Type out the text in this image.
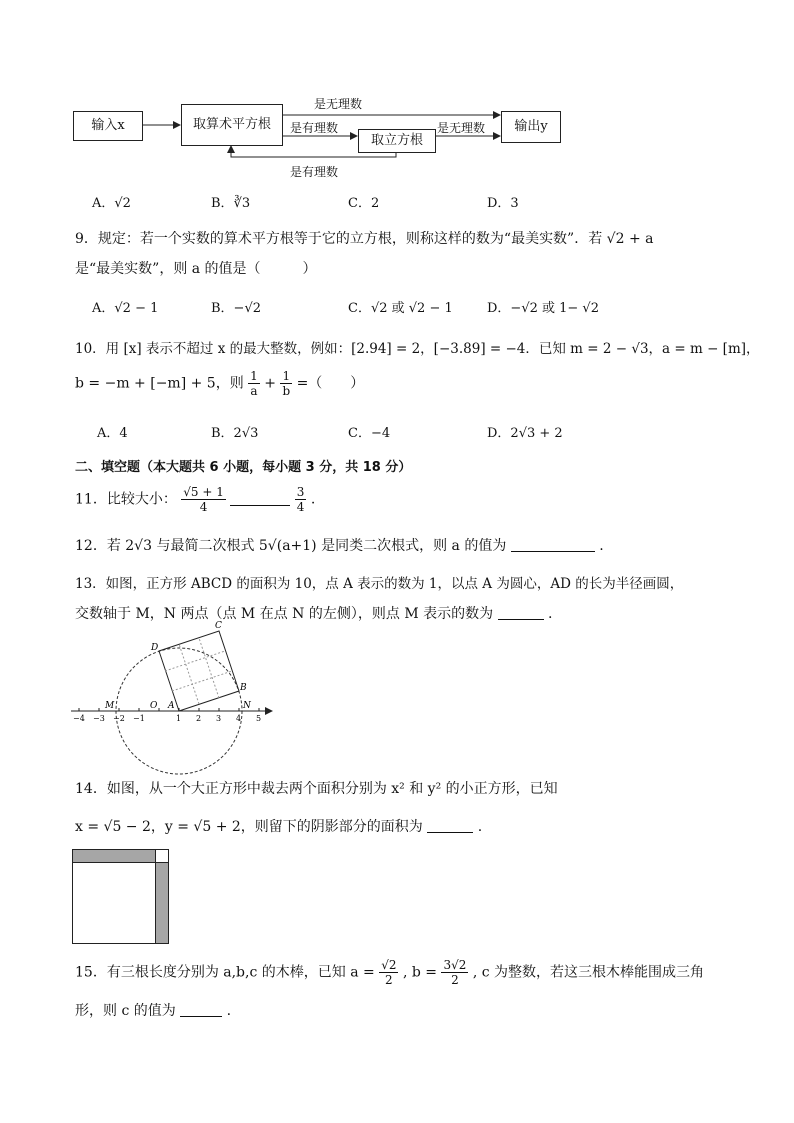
输入x	取算术平方根
取立方根
输出y
是无理数
是有理数	是无理数
是有理数
A．√2	B．∛3	C．2	D．3
9．规定：若一个实数的算术平方根等于它的立方根，则称这样的数为“最美实数”．若 √2 + a
是“最美实数”，则 a 的值是（　　　）
A．√2 − 1	B．−√2	C．√2 或 √2 − 1	D．−√2 或 1− √2
10．用 [x] 表示不超过 x 的最大整数，例如：[2.94] = 2，[−3.89] = −4．已知 m = 2 − √3，a = m − [m]，
b = −m + [−m] + 5，则 $\frac{1}{a} + \frac{1}{b}$ =（　　）
A．4	B．2√3	C．−4	D．2√3 + 2
二、填空题（本大题共 6 小题，每小题 3 分，共 18 分）
11．比较大小： $\frac{√5 + 1}{4}$
	$\frac{3}{4}$ .
12．若 2√3 与最简二次根式 5√(a+1) 是同类二次根式，则 a 的值为	.
13．如图，正方形 ABCD 的面积为 10，点 A 表示的数为 1，以点 A 为圆心，AD 的长为半径画圆，
交数轴于 M，N 两点（点 M 在点 N 的左侧），则点 M 表示的数为	.
D
C
B
A
O
M	N
−4 −3 −2 −1	1 2 3 4 5
14．如图，从一个大正方形中裁去两个面积分别为 x² 和 y² 的小正方形，已知
x = √5 − 2，y = √5 + 2，则留下的阴影部分的面积为	.
15．有三根长度分别为 a,b,c 的木棒，已知 $a = \frac{√2}{2}$ , $b = \frac{3√2}{2}$ , c 为整数，若这三根木棒能围成三角
形，则 c 的值为	.
